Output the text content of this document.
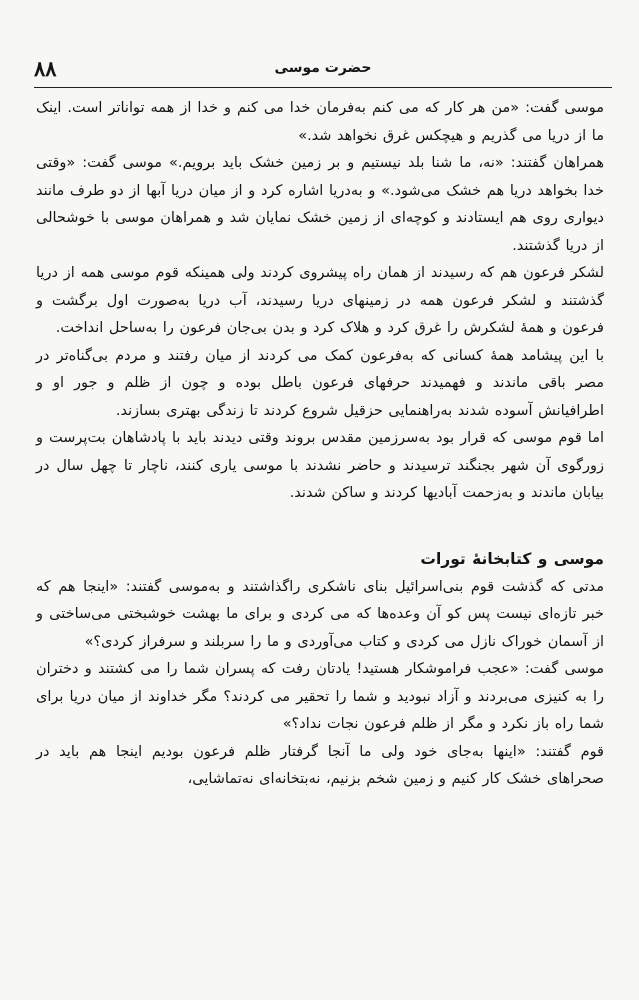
۸۸	حضرت موسی

موسی گفت: «من هر کار که می کنم به‌فرمان خدا می کنم و خدا از همه تواناتر است. اینک ما از دریا می گذریم و هیچکس غرق نخواهد شد.»

همراهان گفتند: «نه، ما شنا بلد نیستیم و بر زمین خشک باید برویم.» موسی گفت: «وقتی خدا بخواهد دریا هم خشک می‌شود.» و به‌دریا اشاره کرد و از میان دریا آبها از دو طرف مانند دیواری روی هم ایستادند و کوچه‌ای از زمین خشک نمایان شد و همراهان موسی با خوشحالی از دریا گذشتند.

لشکر فرعون هم که رسیدند از همان راه پیشروی کردند ولی همینکه قوم موسی همه از دریا گذشتند و لشکر فرعون همه در زمینهای دریا رسیدند، آب دریا به‌صورت اول برگشت و فرعون و همهٔ لشکرش را غرق کرد و هلاک کرد و بدن بی‌جان فرعون را به‌ساحل انداخت.

با این پیشامد همهٔ کسانی که به‌فرعون کمک می کردند از میان رفتند و مردم بی‌گناه‌تر در مصر باقی ماندند و فهمیدند حرفهای فرعون باطل بوده و چون از ظلم و جور او و اطرافیانش آسوده شدند به‌راهنمایی حزقیل شروع کردند تا زندگی بهتری بسازند.

اما قوم موسی که قرار بود به‌سرزمین مقدس بروند وقتی دیدند باید با پادشاهان بت‌پرست و زورگوی آن شهر بجنگند ترسیدند و حاضر نشدند با موسی یاری کنند، ناچار تا چهل سال در بیابان ماندند و به‌زحمت آبادیها کردند و ساکن شدند.

موسی و کتابخانهٔ تورات

مدتی که گذشت قوم بنی‌اسرائیل بنای ناشکری راگذاشتند و به‌موسی گفتند: «اینجا هم که خبر تازه‌ای نیست پس کو آن وعده‌ها که می کردی و برای ما بهشت خوشبختی می‌ساختی و از آسمان خوراک نازل می کردی و کتاب می‌آوردی و ما را سربلند و سرفراز کردی؟»

موسی گفت: «عجب فراموشکار هستید! یادتان رفت که پسران شما را می کشتند و دختران را به کنیزی می‌بردند و آزاد نبودید و شما را تحقیر می کردند؟ مگر خداوند از میان دریا برای شما راه باز نکرد و مگر از ظلم فرعون نجات نداد؟»

قوم گفتند: «اینها به‌جای خود ولی ما آنجا گرفتار ظلم فرعون بودیم اینجا هم باید در صحراهای خشک کار کنیم و زمین شخم بزنیم، نه‌بتخانه‌ای نه‌تماشایی،
